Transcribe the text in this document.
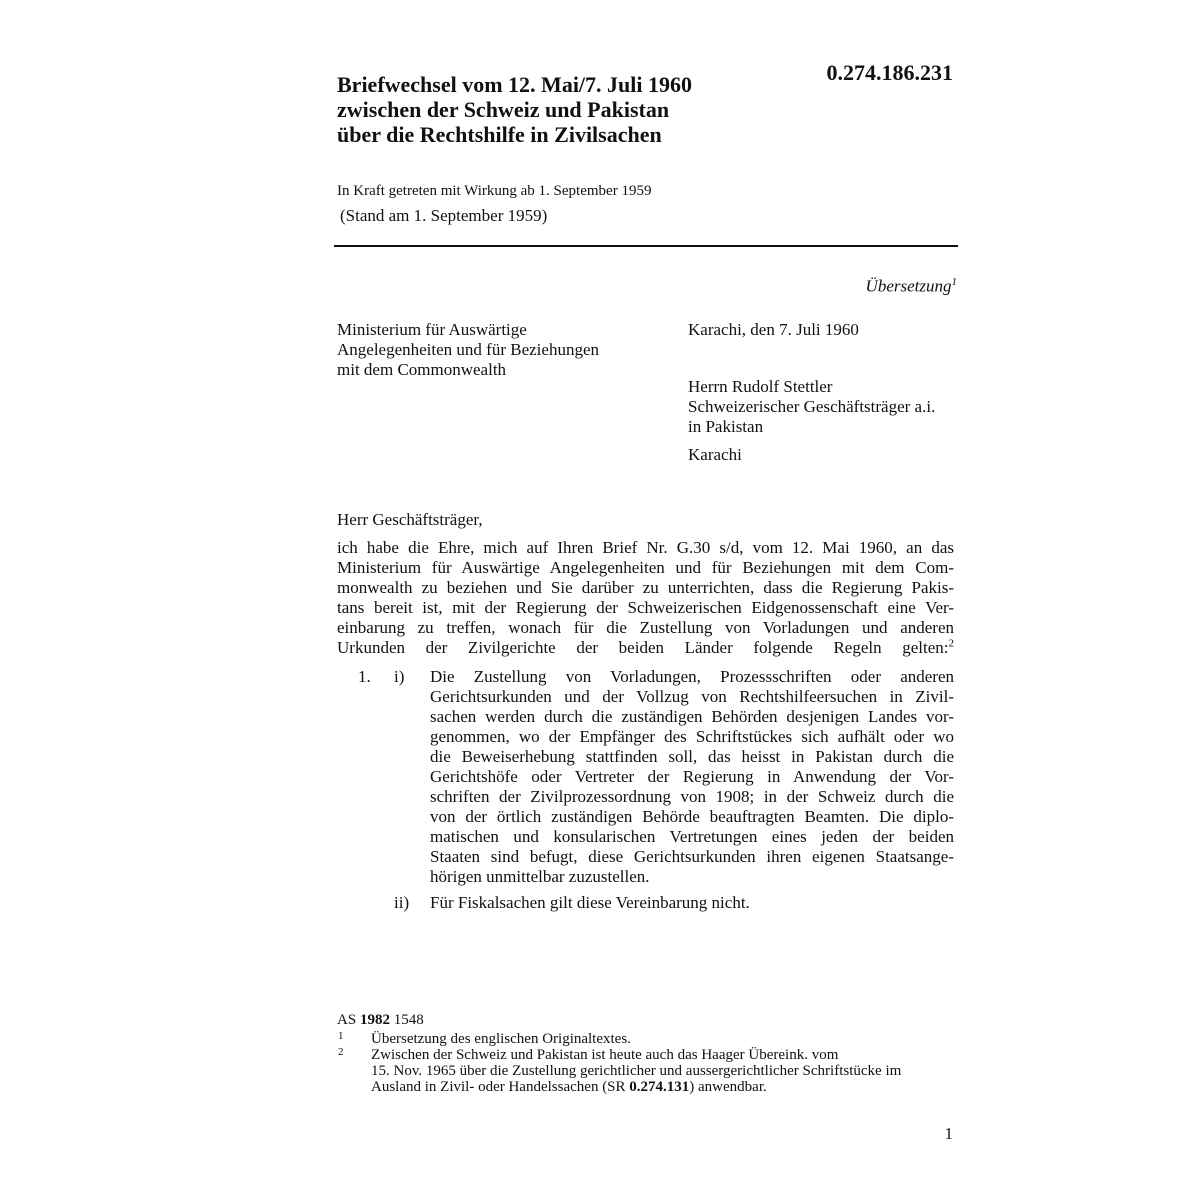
Briefwechsel vom 12. Mai/7. Juli 1960
zwischen der Schweiz und Pakistan
über die Rechtshilfe in Zivilsachen
0.274.186.231
In Kraft getreten mit Wirkung ab 1. September 1959
(Stand am 1. September 1959)
Übersetzung$^1$
Ministerium für Auswärtige
Angelegenheiten und für Beziehungen
mit dem Commonwealth
Karachi, den 7. Juli 1960
Herrn Rudolf Stettler
Schweizerischer Geschäftsträger a.i.
in Pakistan
Karachi
Herr Geschäftsträger,
ich habe die Ehre, mich auf Ihren Brief Nr. G.30 s/d, vom 12. Mai 1960, an das
Ministerium für Auswärtige Angelegenheiten und für Beziehungen mit dem Com-
monwealth zu beziehen und Sie darüber zu unterrichten, dass die Regierung Pakis-
tans bereit ist, mit der Regierung der Schweizerischen Eidgenossenschaft eine Ver-
einbarung zu treffen, wonach für die Zustellung von Vorladungen und anderen
Urkunden der Zivilgerichte der beiden Länder folgende Regeln gelten:$^2$
1. i) Die Zustellung von Vorladungen, Prozessschriften oder anderen
Gerichtsurkunden und der Vollzug von Rechtshilfeersuchen in Zivil-
sachen werden durch die zuständigen Behörden desjenigen Landes vor-
genommen, wo der Empfänger des Schriftstückes sich aufhält oder wo
die Beweiserhebung stattfinden soll, das heisst in Pakistan durch die
Gerichtshöfe oder Vertreter der Regierung in Anwendung der Vor-
schriften der Zivilprozessordnung von 1908; in der Schweiz durch die
von der örtlich zuständigen Behörde beauftragten Beamten. Die diplo-
matischen und konsularischen Vertretungen eines jeden der beiden
Staaten sind befugt, diese Gerichtsurkunden ihren eigenen Staatsange-
hörigen unmittelbar zuzustellen.
ii) Für Fiskalsachen gilt diese Vereinbarung nicht.
AS 1982 1548
1 Übersetzung des englischen Originaltextes.
2 Zwischen der Schweiz und Pakistan ist heute auch das Haager Übereink. vom
15. Nov. 1965 über die Zustellung gerichtlicher und aussergerichtlicher Schriftstücke im
Ausland in Zivil- oder Handelssachen (SR 0.274.131) anwendbar.
1
